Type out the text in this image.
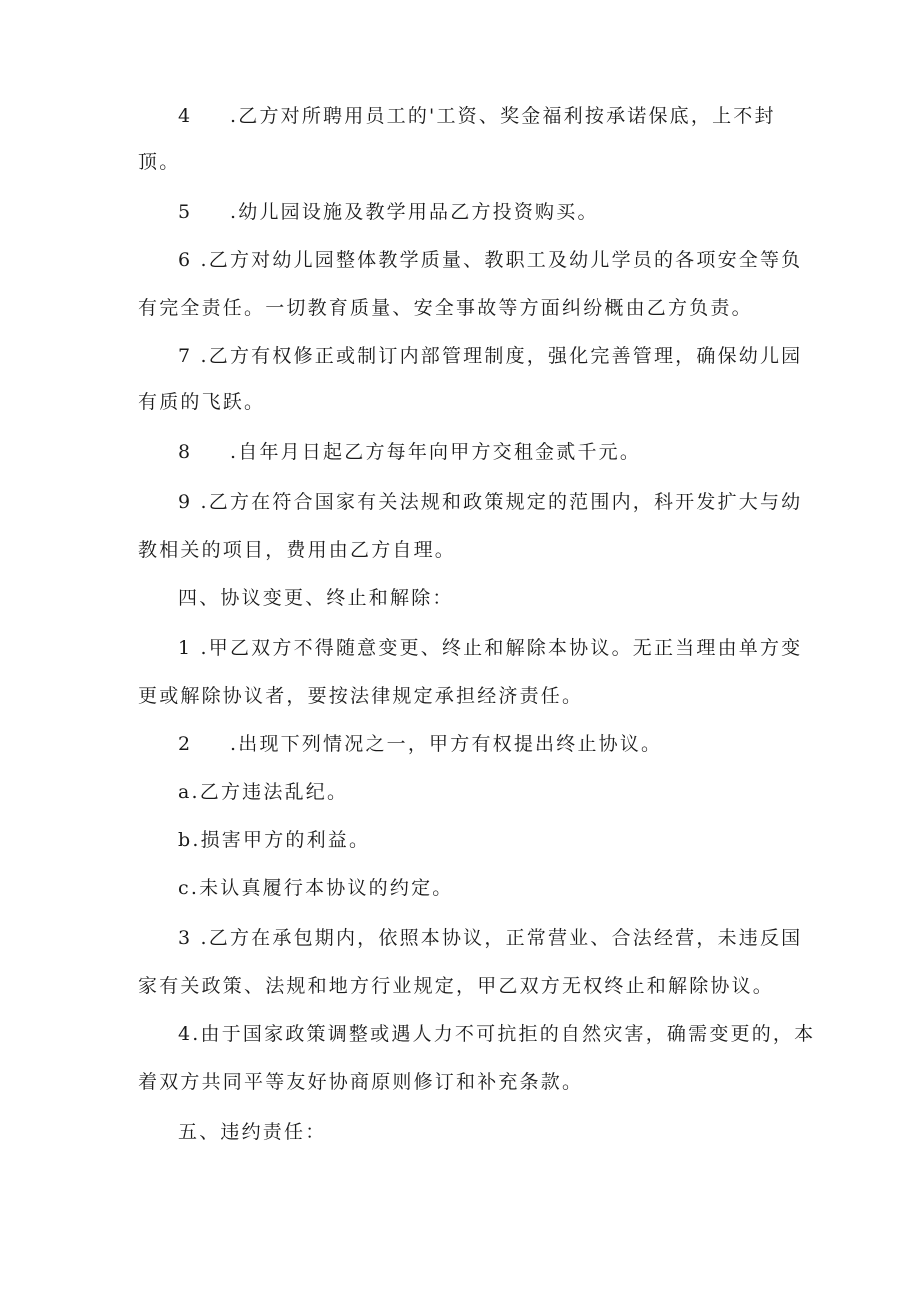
4 .乙方对所聘用员工的'工资、奖金福利按承诺保底，上不封
顶。
5 .幼儿园设施及教学用品乙方投资购买。
6 .乙方对幼儿园整体教学质量、教职工及幼儿学员的各项安全等负
有完全责任。一切教育质量、安全事故等方面纠纷概由乙方负责。
7 .乙方有权修正或制订内部管理制度，强化完善管理，确保幼儿园
有质的飞跃。
8 .自年月日起乙方每年向甲方交租金贰千元。
9 .乙方在符合国家有关法规和政策规定的范围内，科开发扩大与幼
教相关的项目，费用由乙方自理。
四、协议变更、终止和解除：
1 .甲乙双方不得随意变更、终止和解除本协议。无正当理由单方变
更或解除协议者，要按法律规定承担经济责任。
2 .出现下列情况之一，甲方有权提出终止协议。
a.乙方违法乱纪。
b.损害甲方的利益。
c.未认真履行本协议的约定。
3 .乙方在承包期内，依照本协议，正常营业、合法经营，未违反国
家有关政策、法规和地方行业规定，甲乙双方无权终止和解除协议。
4.由于国家政策调整或遇人力不可抗拒的自然灾害，确需变更的，本
着双方共同平等友好协商原则修订和补充条款。
五、违约责任：
